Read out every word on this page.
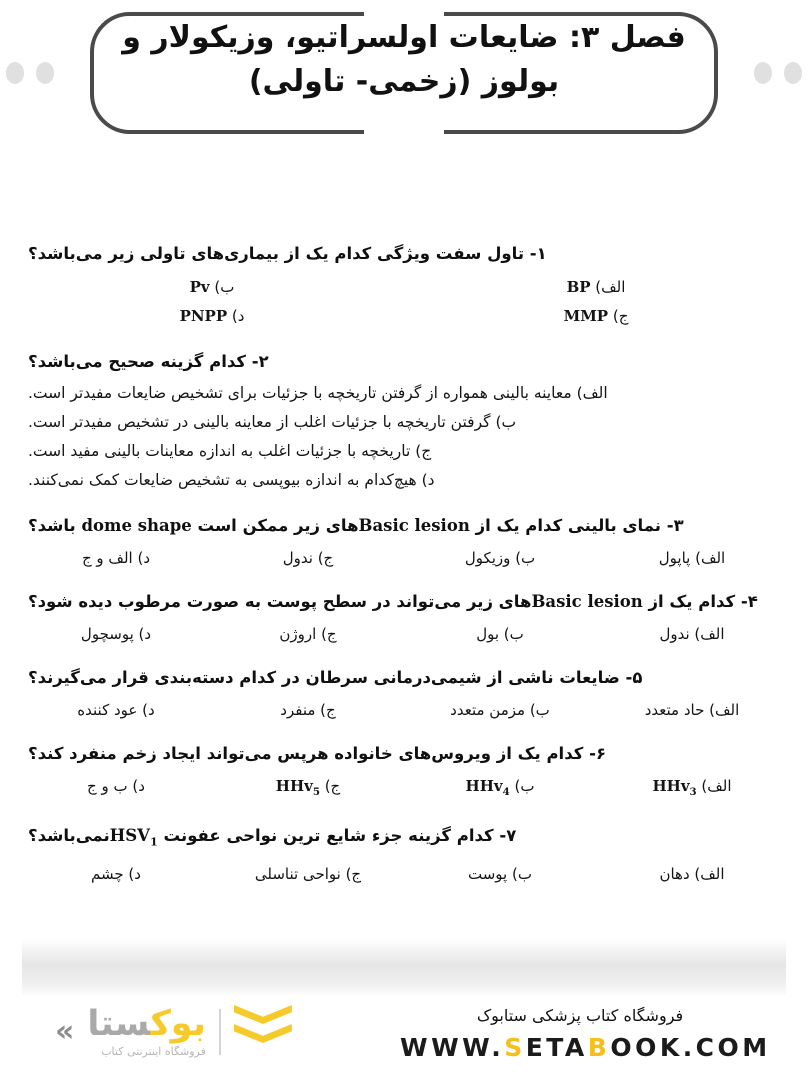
فصل ۳: ضایعات اولسراتیو، وزیکولار و
بولوز (زخمی- تاولی)
۱- تاول سفت ویژگی کدام یک از بیماری‌های تاولی زیر می‌باشد؟
الف) BP
ب) Pv
ج) MMP
د) PNPP
۲- کدام گزینه صحیح می‌باشد؟
الف) معاینه بالینی همواره از گرفتن تاریخچه با جزئیات برای تشخیص ضایعات مفیدتر است.
ب) گرفتن تاریخچه با جزئیات اغلب از معاینه بالینی در تشخیص مفیدتر است.
ج) تاریخچه با جزئیات اغلب به اندازه معاینات بالینی مفید است.
د) هیچ‌کدام به اندازه بیوپسی به تشخیص ضایعات کمک نمی‌کنند.
۳- نمای بالینی کدام یک از Basic lesionهای زیر ممکن است dome shape باشد؟
الف) پاپول
ب) وزیکول
ج) ندول
د) الف و ج
۴- کدام یک از Basic lesionهای زیر می‌تواند در سطح پوست به صورت مرطوب دیده شود؟
الف) ندول
ب) بول
ج) اروژن
د) پوسچول
۵- ضایعات ناشی از شیمی‌درمانی سرطان در کدام دسته‌بندی قرار می‌گیرند؟
الف) حاد متعدد
ب) مزمن متعدد
ج) منفرد
د) عود کننده
۶- کدام یک از ویروس‌های خانواده هرپس می‌تواند ایجاد زخم منفرد کند؟
الف) HHv$_3$
ب) HHv$_4$
ج) HHv$_5$
د) ب و ج
۷- کدام گزینه جزء شایع ترین نواحی عفونت $HSV_1نمی‌باشد؟$
الف) دهان
ب) پوست
ج) نواحی تناسلی
د) چشم
«	بوکستا
فروشگاه اینترنتی کتاب
فروشگاه کتاب پزشکی ستابوک
WWW.SETABOOK.COM
